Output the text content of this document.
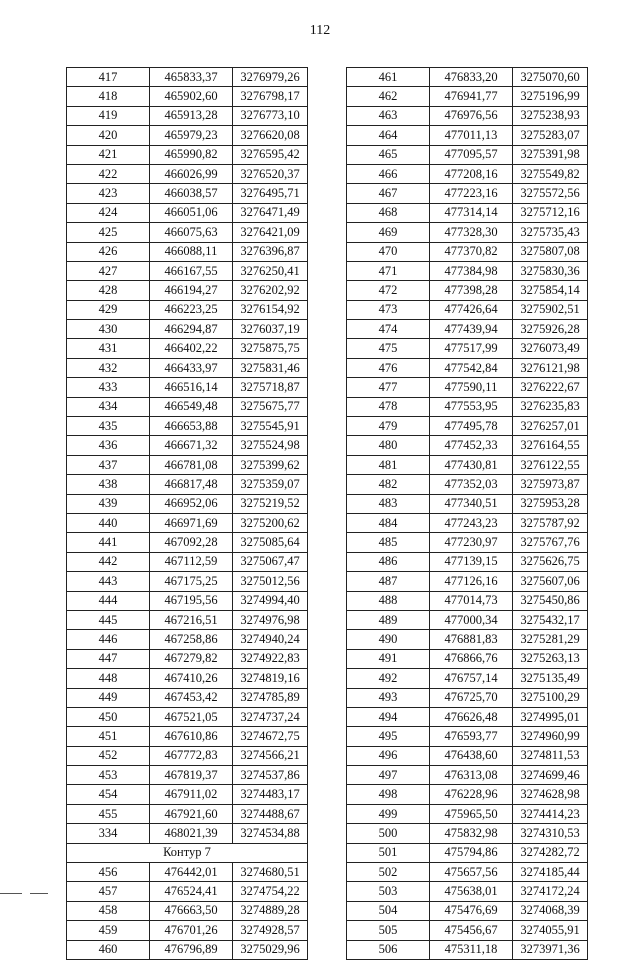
112
417	465833,37	3276979,26
418	465902,60	3276798,17
419	465913,28	3276773,10
420	465979,23	3276620,08
421	465990,82	3276595,42
422	466026,99	3276520,37
423	466038,57	3276495,71
424	466051,06	3276471,49
425	466075,63	3276421,09
426	466088,11	3276396,87
427	466167,55	3276250,41
428	466194,27	3276202,92
429	466223,25	3276154,92
430	466294,87	3276037,19
431	466402,22	3275875,75
432	466433,97	3275831,46
433	466516,14	3275718,87
434	466549,48	3275675,77
435	466653,88	3275545,91
436	466671,32	3275524,98
437	466781,08	3275399,62
438	466817,48	3275359,07
439	466952,06	3275219,52
440	466971,69	3275200,62
441	467092,28	3275085,64
442	467112,59	3275067,47
443	467175,25	3275012,56
444	467195,56	3274994,40
445	467216,51	3274976,98
446	467258,86	3274940,24
447	467279,82	3274922,83
448	467410,26	3274819,16
449	467453,42	3274785,89
450	467521,05	3274737,24
451	467610,86	3274672,75
452	467772,83	3274566,21
453	467819,37	3274537,86
454	467911,02	3274483,17
455	467921,60	3274488,67
334	468021,39	3274534,88
Контур 7		
456	476442,01	3274680,51
457	476524,41	3274754,22
458	476663,50	3274889,28
459	476701,26	3274928,57
460	476796,89	3275029,96
461	476833,20	3275070,60
462	476941,77	3275196,99
463	476976,56	3275238,93
464	477011,13	3275283,07
465	477095,57	3275391,98
466	477208,16	3275549,82
467	477223,16	3275572,56
468	477314,14	3275712,16
469	477328,30	3275735,43
470	477370,82	3275807,08
471	477384,98	3275830,36
472	477398,28	3275854,14
473	477426,64	3275902,51
474	477439,94	3275926,28
475	477517,99	3276073,49
476	477542,84	3276121,98
477	477590,11	3276222,67
478	477553,95	3276235,83
479	477495,78	3276257,01
480	477452,33	3276164,55
481	477430,81	3276122,55
482	477352,03	3275973,87
483	477340,51	3275953,28
484	477243,23	3275787,92
485	477230,97	3275767,76
486	477139,15	3275626,75
487	477126,16	3275607,06
488	477014,73	3275450,86
489	477000,34	3275432,17
490	476881,83	3275281,29
491	476866,76	3275263,13
492	476757,14	3275135,49
493	476725,70	3275100,29
494	476626,48	3274995,01
495	476593,77	3274960,99
496	476438,60	3274811,53
497	476313,08	3274699,46
498	476228,96	3274628,98
499	475965,50	3274414,23
500	475832,98	3274310,53
501	475794,86	3274282,72
502	475657,56	3274185,44
503	475638,01	3274172,24
504	475476,69	3274068,39
505	475456,67	3274055,91
506	475311,18	3273971,36
